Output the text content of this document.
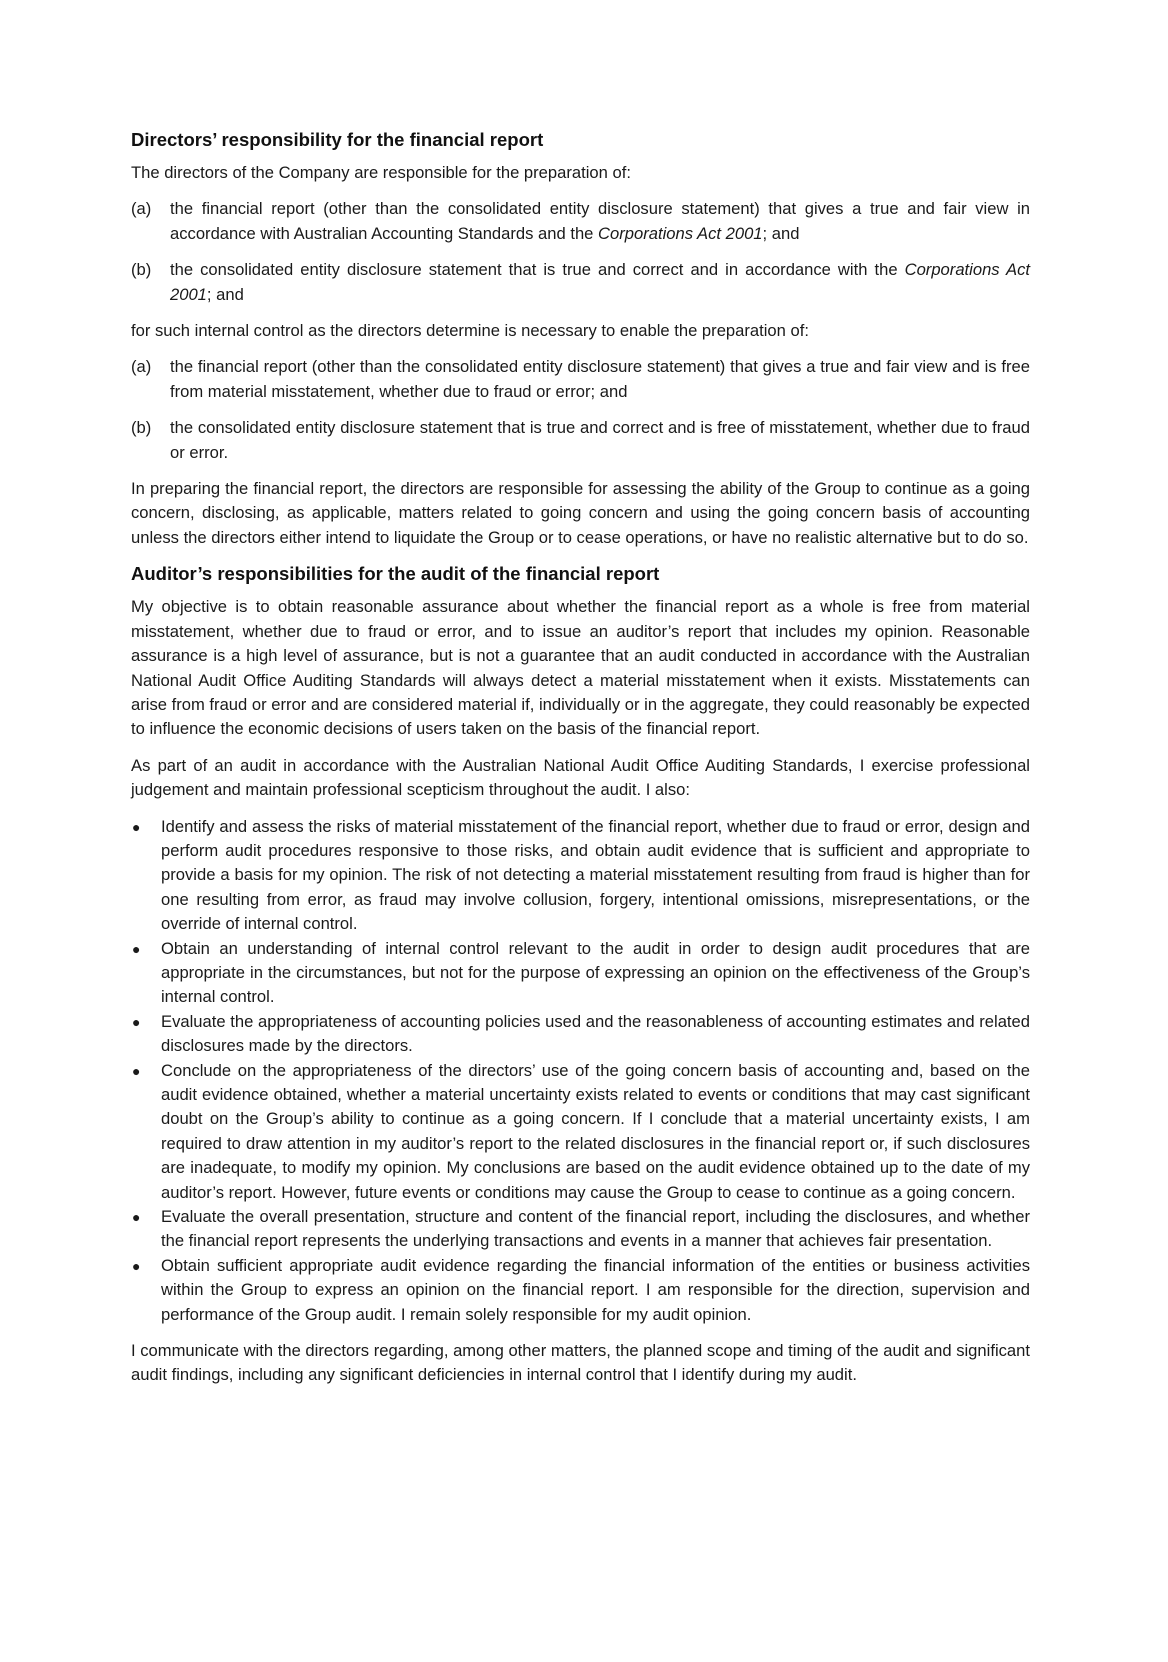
Directors’ responsibility for the financial report

The directors of the Company are responsible for the preparation of:

(a)	the financial report (other than the consolidated entity disclosure statement) that gives a true and fair view in accordance with Australian Accounting Standards and the Corporations Act 2001; and
(b)	the consolidated entity disclosure statement that is true and correct and in accordance with the Corporations Act 2001; and

for such internal control as the directors determine is necessary to enable the preparation of:

(a)	the financial report (other than the consolidated entity disclosure statement) that gives a true and fair view and is free from material misstatement, whether due to fraud or error; and
(b)	the consolidated entity disclosure statement that is true and correct and is free of misstatement, whether due to fraud or error.

In preparing the financial report, the directors are responsible for assessing the ability of the Group to continue as a going concern, disclosing, as applicable, matters related to going concern and using the going concern basis of accounting unless the directors either intend to liquidate the Group or to cease operations, or have no realistic alternative but to do so.

Auditor’s responsibilities for the audit of the financial report

My objective is to obtain reasonable assurance about whether the financial report as a whole is free from material misstatement, whether due to fraud or error, and to issue an auditor’s report that includes my opinion. Reasonable assurance is a high level of assurance, but is not a guarantee that an audit conducted in accordance with the Australian National Audit Office Auditing Standards will always detect a material misstatement when it exists. Misstatements can arise from fraud or error and are considered material if, individually or in the aggregate, they could reasonably be expected to influence the economic decisions of users taken on the basis of the financial report.

As part of an audit in accordance with the Australian National Audit Office Auditing Standards, I exercise professional judgement and maintain professional scepticism throughout the audit. I also:

●	Identify and assess the risks of material misstatement of the financial report, whether due to fraud or error, design and perform audit procedures responsive to those risks, and obtain audit evidence that is sufficient and appropriate to provide a basis for my opinion. The risk of not detecting a material misstatement resulting from fraud is higher than for one resulting from error, as fraud may involve collusion, forgery, intentional omissions, misrepresentations, or the override of internal control.
●	Obtain an understanding of internal control relevant to the audit in order to design audit procedures that are appropriate in the circumstances, but not for the purpose of expressing an opinion on the effectiveness of the Group’s internal control.
●	Evaluate the appropriateness of accounting policies used and the reasonableness of accounting estimates and related disclosures made by the directors.
●	Conclude on the appropriateness of the directors’ use of the going concern basis of accounting and, based on the audit evidence obtained, whether a material uncertainty exists related to events or conditions that may cast significant doubt on the Group’s ability to continue as a going concern. If I conclude that a material uncertainty exists, I am required to draw attention in my auditor’s report to the related disclosures in the financial report or, if such disclosures are inadequate, to modify my opinion. My conclusions are based on the audit evidence obtained up to the date of my auditor’s report. However, future events or conditions may cause the Group to cease to continue as a going concern.
●	Evaluate the overall presentation, structure and content of the financial report, including the disclosures, and whether the financial report represents the underlying transactions and events in a manner that achieves fair presentation.
●	Obtain sufficient appropriate audit evidence regarding the financial information of the entities or business activities within the Group to express an opinion on the financial report. I am responsible for the direction, supervision and performance of the Group audit. I remain solely responsible for my audit opinion.

I communicate with the directors regarding, among other matters, the planned scope and timing of the audit and significant audit findings, including any significant deficiencies in internal control that I identify during my audit.
